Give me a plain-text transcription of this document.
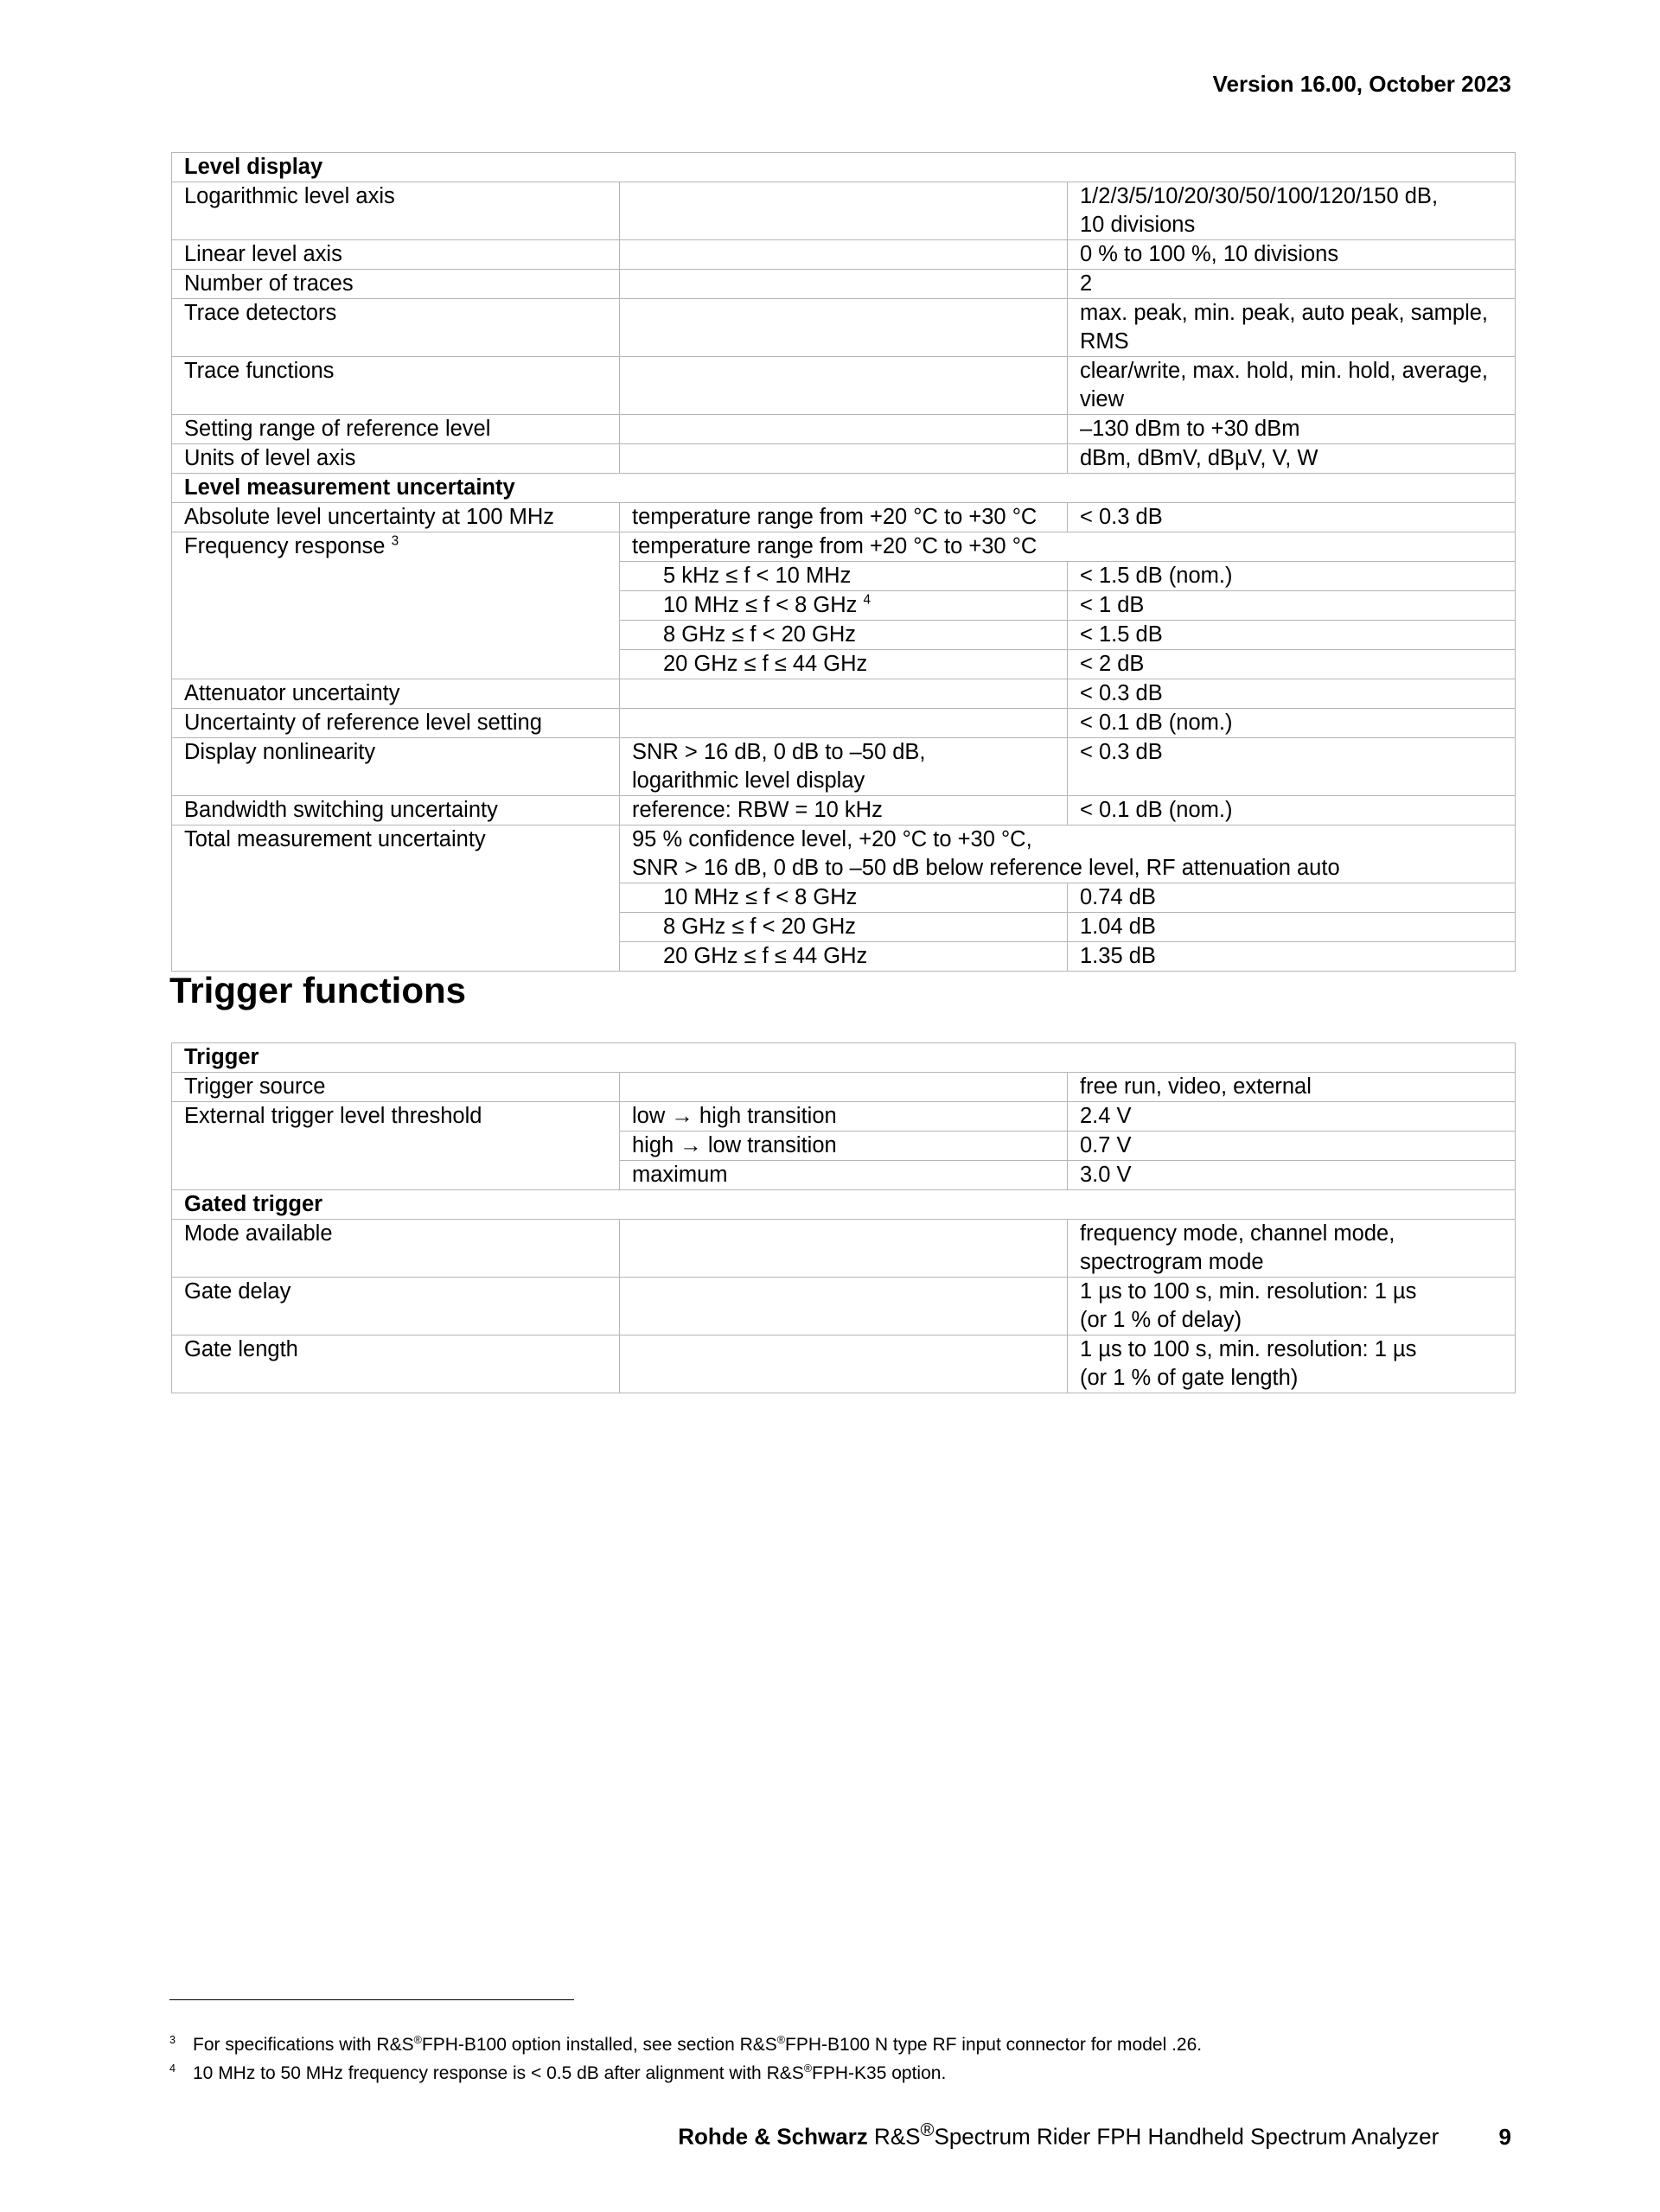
Version 16.00, October 2023
Level display		
Logarithmic level axis		1/2/3/5/10/20/30/50/100/120/150 dB,
10 divisions
Linear level axis		0 % to 100 %, 10 divisions
Number of traces		2
Trace detectors		max. peak, min. peak, auto peak, sample,
RMS
Trace functions		clear/write, max. hold, min. hold, average,
view
Setting range of reference level		–130 dBm to +30 dBm
Units of level axis		dBm, dBmV, dBµV, V, W
Level measurement uncertainty		
Absolute level uncertainty at 100 MHz	temperature range from +20 °C to +30 °C	< 0.3 dB
Frequency response $^3$	temperature range from +20 °C to +30 °C	
	5 kHz ≤ f < 10 MHz	< 1.5 dB (nom.)
	10 MHz ≤ f < 8 GHz $^4$	< 1 dB
	8 GHz ≤ f < 20 GHz	< 1.5 dB
	20 GHz ≤ f ≤ 44 GHz	< 2 dB
Attenuator uncertainty		< 0.3 dB
Uncertainty of reference level setting		< 0.1 dB (nom.)
Display nonlinearity	SNR > 16 dB, 0 dB to –50 dB,
logarithmic level display	< 0.3 dB
Bandwidth switching uncertainty	reference: RBW = 10 kHz	< 0.1 dB (nom.)
Total measurement uncertainty	95 % confidence level, +20 °C to +30 °C,
SNR > 16 dB, 0 dB to –50 dB below reference level, RF attenuation auto	
	10 MHz ≤ f < 8 GHz	0.74 dB
	8 GHz ≤ f < 20 GHz	1.04 dB
	20 GHz ≤ f ≤ 44 GHz	1.35 dB
Trigger functions
Trigger		
Trigger source		free run, video, external
External trigger level threshold	low → high transition	2.4 V
	high → low transition	0.7 V
	maximum	3.0 V
Gated trigger		
Mode available		frequency mode, channel mode,
spectrogram mode
Gate delay		1 µs to 100 s, min. resolution: 1 µs
(or 1 % of delay)
Gate length		1 µs to 100 s, min. resolution: 1 µs
(or 1 % of gate length)
$^3$ For specifications with R&S®FPH-B100 option installed, see section R&S®FPH-B100 N type RF input connector for model .26.
$^4$ 10 MHz to 50 MHz frequency response is < 0.5 dB after alignment with R&S®FPH-K35 option.
Rohde & Schwarz R&S®Spectrum Rider FPH Handheld Spectrum Analyzer	9
